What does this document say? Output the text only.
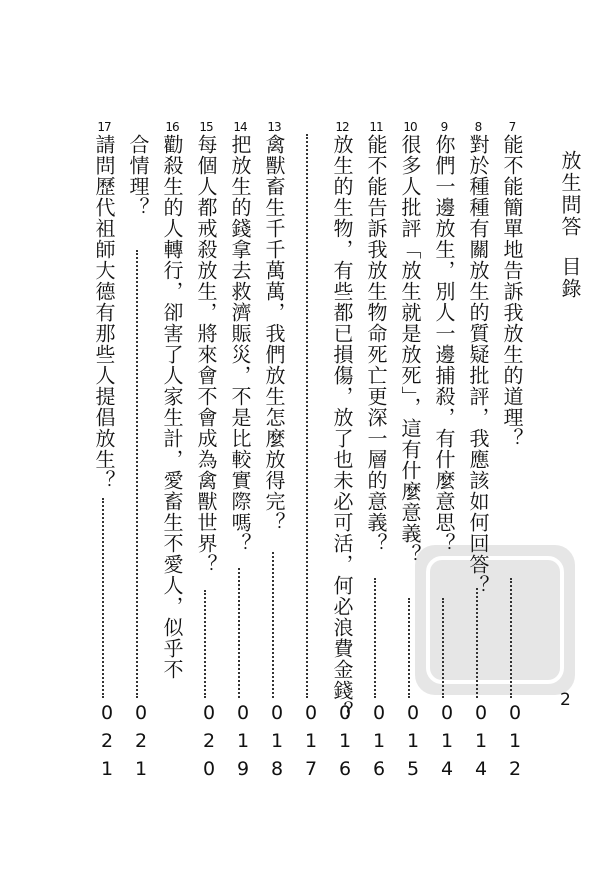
放生問答目錄
2
7
能不能簡單地告訴我放生的道理？
012
8
對於種種有關放生的質疑批評，我應該如何回答？
014
9
你們一邊放生，別人一邊捕殺，有什麼意思？
014
10
很多人批評「放生就是放死」，這有什麼意義？
015
11
能不能告訴我放生物命死亡更深一層的意義？
016
12
放生的生物，有些都已損傷，放了也未必可活，何必浪費金錢？
016
017
13
禽獸畜生千千萬萬，我們放生怎麼放得完？
018
14
把放生的錢拿去救濟賑災，不是比較實際嗎？
019
15
每個人都戒殺放生，將來會不會成為禽獸世界？
020
16
勸殺生的人轉行，卻害了人家生計，愛畜生不愛人，似乎不
合情理？
021
17
請問歷代祖師大德有那些人提倡放生？
021
